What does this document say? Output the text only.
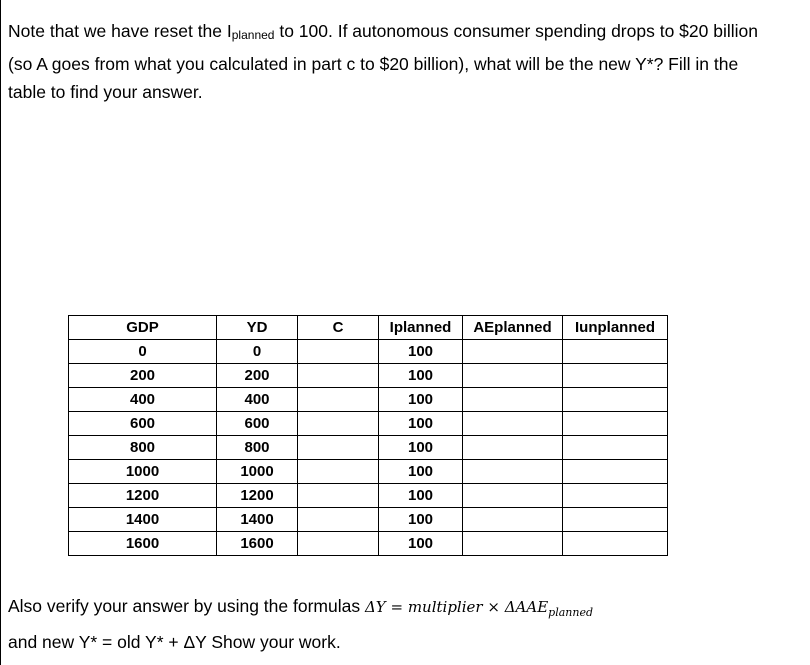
Note that we have reset the Iplanned to 100. If autonomous consumer spending drops to $20 billion
(so A goes from what you calculated in part c to $20 billion), what will be the new Y*? Fill in the
table to find your answer.
GDP	YD	C	Iplanned	AEplanned	Iunplanned
0	0		100		
200	200		100		
400	400		100		
600	600		100		
800	800		100		
1000	1000		100		
1200	1200		100		
1400	1400		100		
1600	1600		100		
Also verify your answer by using the formulas ΔY = multiplier × $\Delta AAE_{planned}$
and new Y* = old Y* + ΔY Show your work.
